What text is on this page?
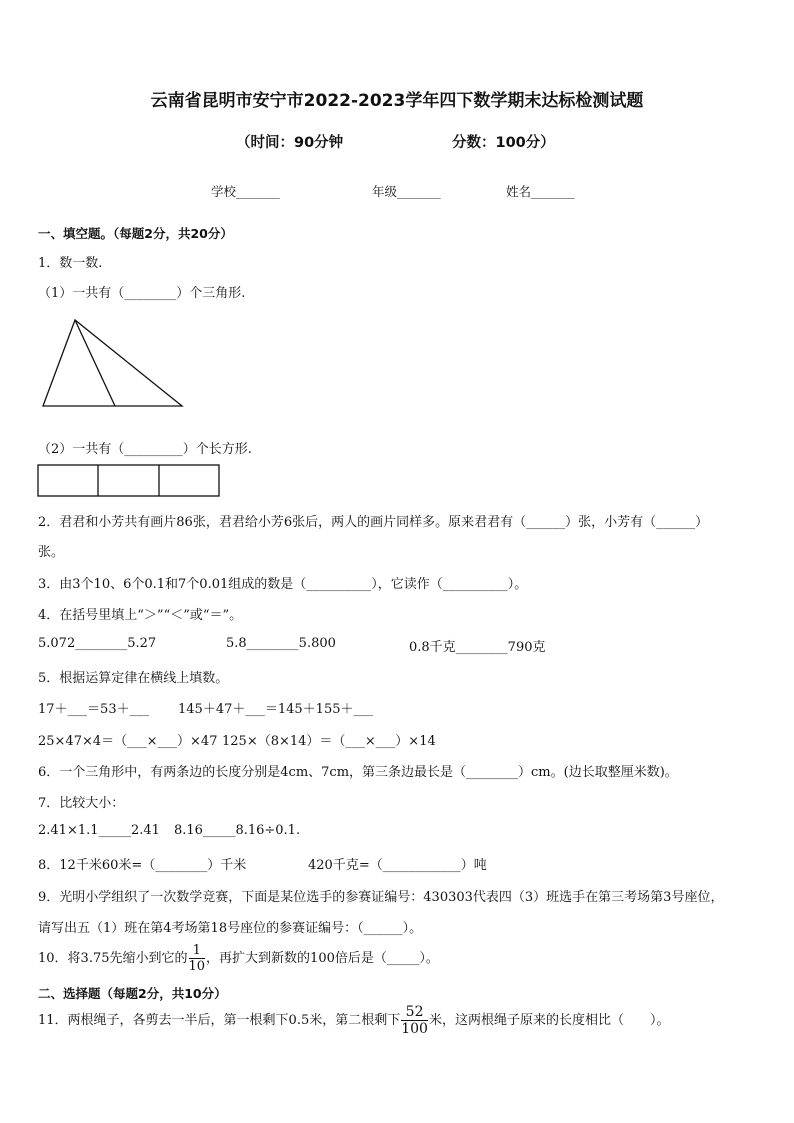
云南省昆明市安宁市2022-2023学年四下数学期末达标检测试题
（时间：90分钟	分数：100分）
学校_______	年级_______	姓名_______
一、填空题。（每题2分，共20分）
1．数一数.
（1）一共有（________）个三角形.
（2）一共有（_________）个长方形.
2．君君和小芳共有画片86张，君君给小芳6张后，两人的画片同样多。原来君君有（______）张，小芳有（______）
张。
3．由3个10、6个0.1和7个0.01组成的数是（__________），它读作（__________）。
4．在括号里填上“＞”“＜”或“＝”。
5.072________5.27	5.8________5.800	0.8千克________790克
5．根据运算定律在横线上填数。
17＋___＝53＋___ 145＋47＋___＝145＋155＋___
25×47×4＝（___×___）×47 125×（8×14）＝（___×___）×14
6．一个三角形中，有两条边的长度分别是4cm、7cm，第三条边最长是（________）cm。(边长取整厘米数)。
7．比较大小：
2.41×1.1_____2.41 8.16_____8.16÷0.1.
8．12千米60米=（________）千米	420千克=（____________）吨
9．光明小学组织了一次数学竞赛，下面是某位选手的参赛证编号：430303代表四（3）班选手在第三考场第3号座位，
请写出五（1）班在第4考场第18号座位的参赛证编号：（______）。
10．将3.75先缩小到它的 $\frac{1}{10}$ ，再扩大到新数的100倍后是（_____）。
二、选择题（每题2分，共10分）
11．两根绳子，各剪去一半后，第一根剩下0.5米，第二根剩下 $\frac{52}{100}$ 米，这两根绳子原来的长度相比（　　）。
